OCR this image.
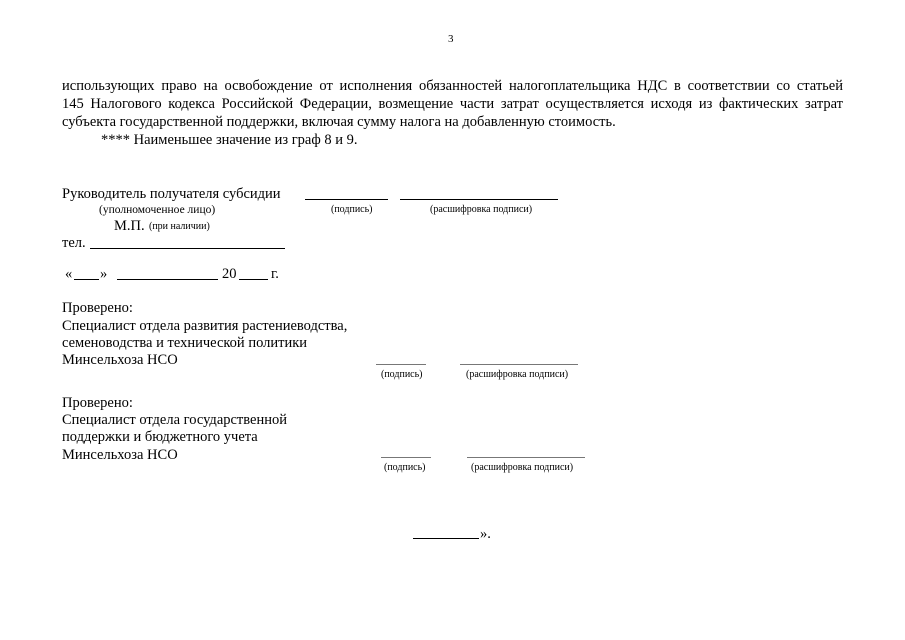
3
использующих право на освобождение от исполнения обязанностей налогоплательщика НДС в соответствии со статьей
145 Налогового кодекса Российской Федерации, возмещение части затрат осуществляется исходя из фактических затрат
субъекта государственной поддержки, включая сумму налога на добавленную стоимость.
**** Наименьшее значение из граф 8 и 9.
Руководитель получателя субсидии
(уполномоченное лицо)	(подпись)	(расшифровка подписи)
М.П. (при наличии)
тел.
« »	20 г.
Проверено:
Специалист отдела развития растениеводства,
семеноводства и технической политики
Минсельхоза НСО
(подпись)	(расшифровка подписи)
Проверено:
Специалист отдела государственной
поддержки и бюджетного учета
Минсельхоза НСО
(подпись)	(расшифровка подписи)
».
